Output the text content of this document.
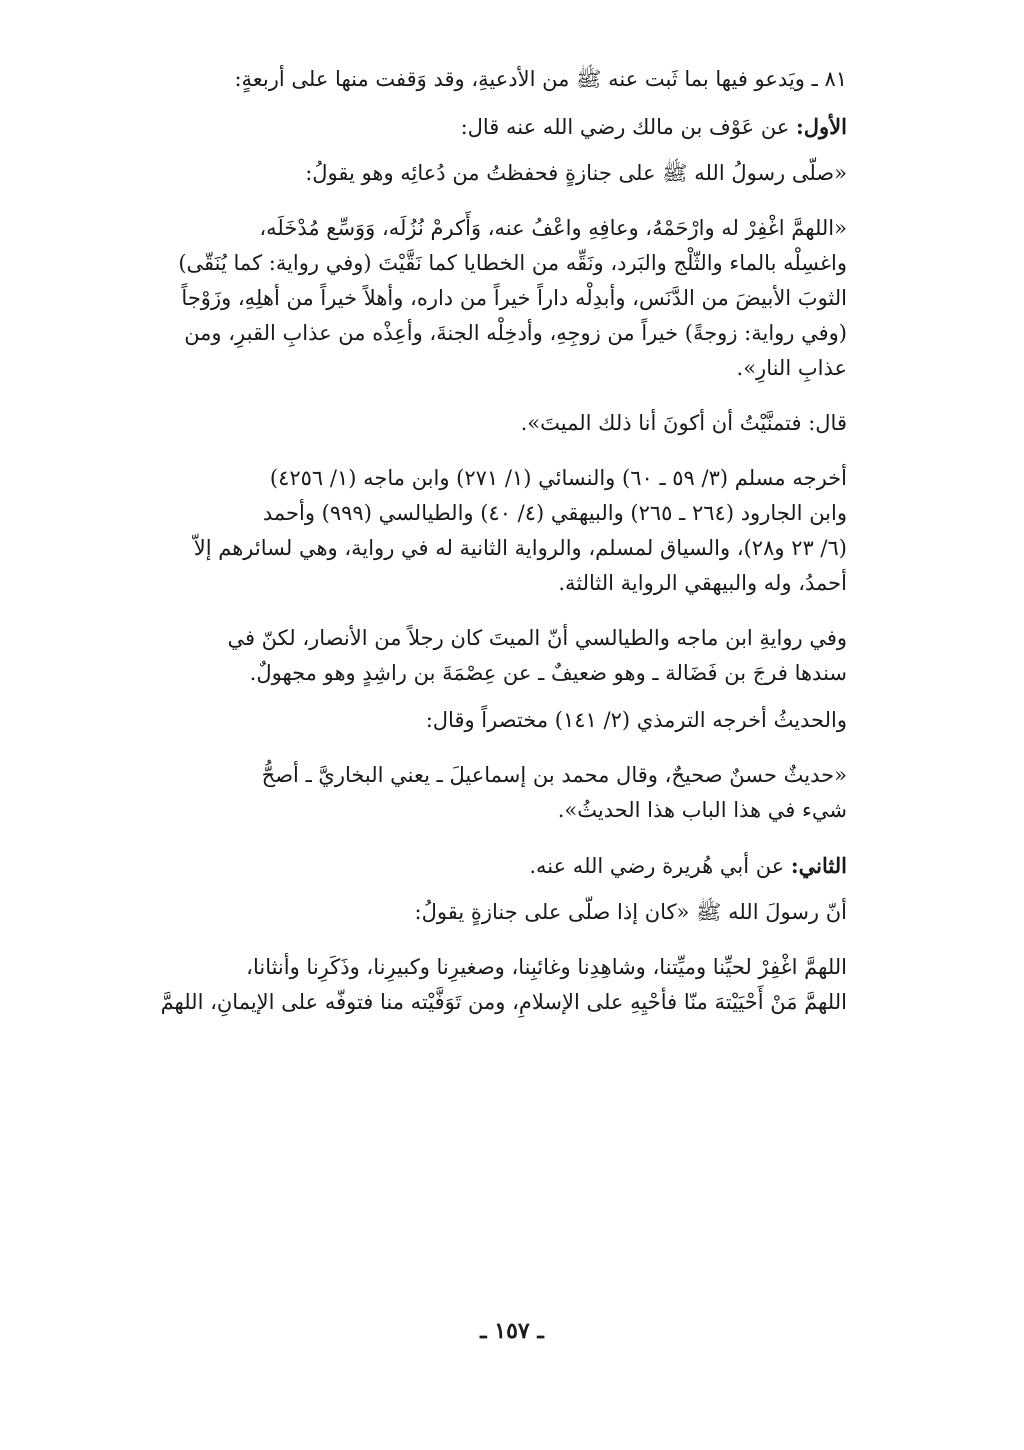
٨١ ـ ويَدعو فيها بما ثَبت عنه ﷺ من الأدعيةِ، وقد وَقفت منها على أربعةٍ:
الأول: عن عَوْف بن مالك رضي الله عنه قال:
«صلّى رسولُ الله ﷺ على جنازةٍ فحفظتُ من دُعائِه وهو يقولُ:
«اللهمَّ اغْفِرْ له وارْحَمْهُ، وعافِهِ واعْفُ عنه، وَأَكرمْ نُزُلَه، وَوَسِّع مُدْخَلَه،
واغسِلْه بالماء والثّلْج والبَرد، ونَقِّه من الخطايا كما نَقَّيْتَ (وفي رواية: كما يُنَقّى)
الثوبَ الأبيضَ من الدَّنَس، وأبدِلْه داراً خيراً من داره، وأهلاً خيراً من أهلِهِ، وزَوْجاً
(وفي رواية: زوجةً) خيراً من زوجِهِ، وأدخِلْه الجنةَ، وأعِذْه من عذابِ القبرِ، ومن
عذابِ النارِ».
قال: فتمنَّيْتُ أن أكونَ أنا ذلك الميتَ».
أخرجه مسلم (٣/ ٥٩ ـ ٦٠) والنسائي (١/ ٢٧١) وابن ماجه (١/ ٤٢٥٦)
وابن الجارود (٢٦٤ ـ ٢٦٥) والبيهقي (٤/ ٤٠) والطيالسي (٩٩٩) وأحمد
(٦/ ٢٣ و٢٨)، والسياق لمسلم، والرواية الثانية له في رواية، وهي لسائرهم إلاّ
أحمدُ، وله والبيهقي الرواية الثالثة.
وفي روايةِ ابن ماجه والطيالسي أنّ الميتَ كان رجلاً من الأنصار، لكنّ في
سندها فرجَ بن فَضَالة ـ وهو ضعيفٌ ـ عن عِصْمَةَ بن راشِدٍ وهو مجهولٌ.
والحديثُ أخرجه الترمذي (٢/ ١٤١) مختصراً وقال:
«حديثٌ حسنٌ صحيحٌ، وقال محمد بن إسماعيلَ ـ يعني البخاريَّ ـ أصحُّ
شيء في هذا الباب هذا الحديثُ».
الثاني: عن أبي هُريرة رضي الله عنه.
أنّ رسولَ الله ﷺ «كان إذا صلّى على جنازةٍ يقولُ:
اللهمَّ اغْفِرْ لحيِّنا وميِّتنا، وشاهِدِنا وغائبِنا، وصغيرِنا وكبيرِنا، وذَكَرِنا وأنثانا،
اللهمَّ مَنْ أَحْيَيْتهَ منّا فأحْيِهِ على الإسلامِ، ومن تَوَفَّيْته منا فتوفّه على الإيمانِ، اللهمَّ
ـ ١٥٧ ـ
